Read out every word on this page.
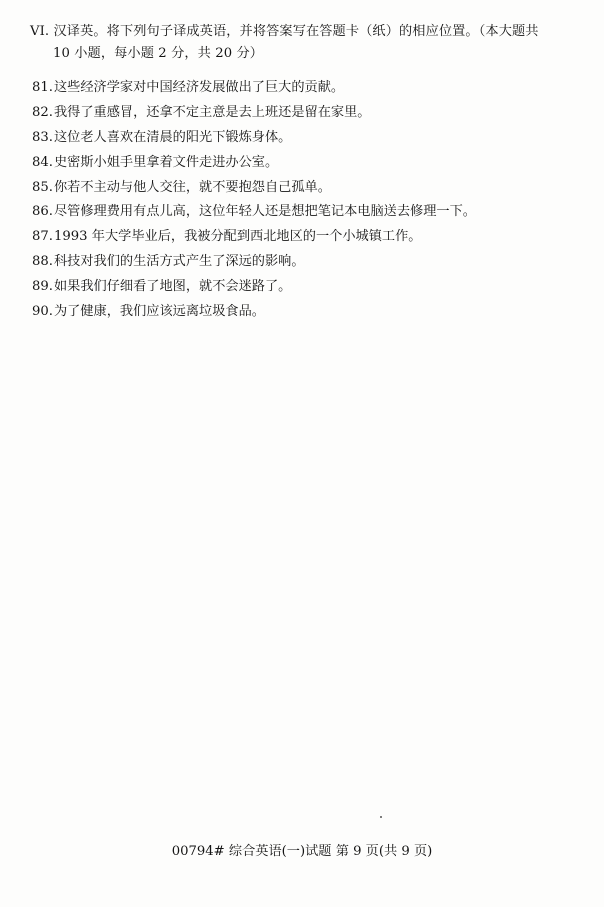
VI. 汉译英。将下列句子译成英语，并将答案写在答题卡（纸）的相应位置。（本大题共
10 小题，每小题 2 分，共 20 分）
81. 这些经济学家对中国经济发展做出了巨大的贡献。
82. 我得了重感冒，还拿不定主意是去上班还是留在家里。
83. 这位老人喜欢在清晨的阳光下锻炼身体。
84. 史密斯小姐手里拿着文件走进办公室。
85. 你若不主动与他人交往，就不要抱怨自己孤单。
86. 尽管修理费用有点儿高，这位年轻人还是想把笔记本电脑送去修理一下。
87. 1993 年大学毕业后，我被分配到西北地区的一个小城镇工作。
88. 科技对我们的生活方式产生了深远的影响。
89. 如果我们仔细看了地图，就不会迷路了。
90. 为了健康，我们应该远离垃圾食品。
00794# 综合英语(一)试题 第 9 页(共 9 页)
